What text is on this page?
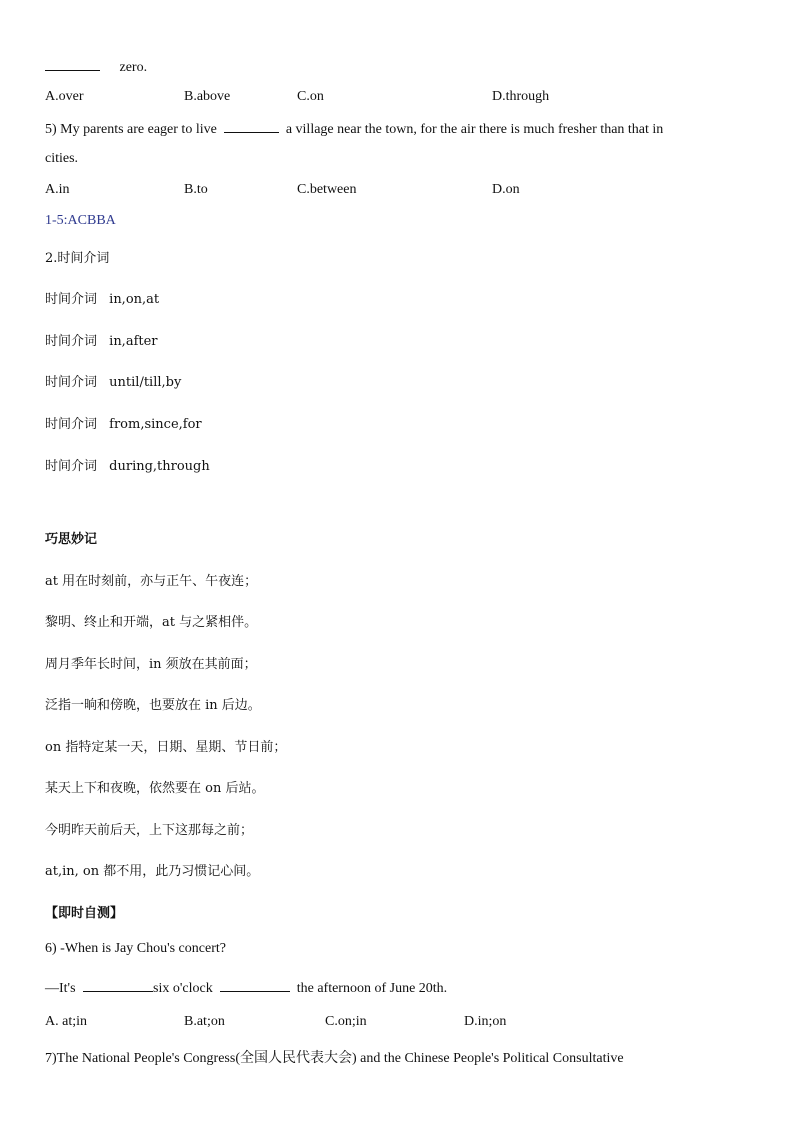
zero.
A.over	B.above	C.on	D.through
5) My parents are eager to live	a village near the town, for the air there is much fresher than that in
cities.
A.in	B.to	C.between	D.on
1-5:ACBBA
2.时间介词
时间介词 in,on,at
时间介词 in,after
时间介词 until/till,by
时间介词 from,since,for
时间介词 during,through
巧思妙记
at 用在时刻前，亦与正午、午夜连；
黎明、终止和开端，at 与之紧相伴。
周月季年长时间，in 须放在其前面；
泛指一晌和傍晚，也要放在 in 后边。
on 指特定某一天，日期、星期、节日前；
某天上下和夜晚，依然要在 on 后站。
今明昨天前后天，上下这那每之前；
at,in, on 都不用，此乃习惯记心间。
【即时自测】
6) -When is Jay Chou's concert?
—It's	six o'clock	the afternoon of June 20th.
A. at;in	B.at;on	C.on;in	D.in;on
7)The National People's Congress(全国人民代表大会) and the Chinese People's Political Consultative
